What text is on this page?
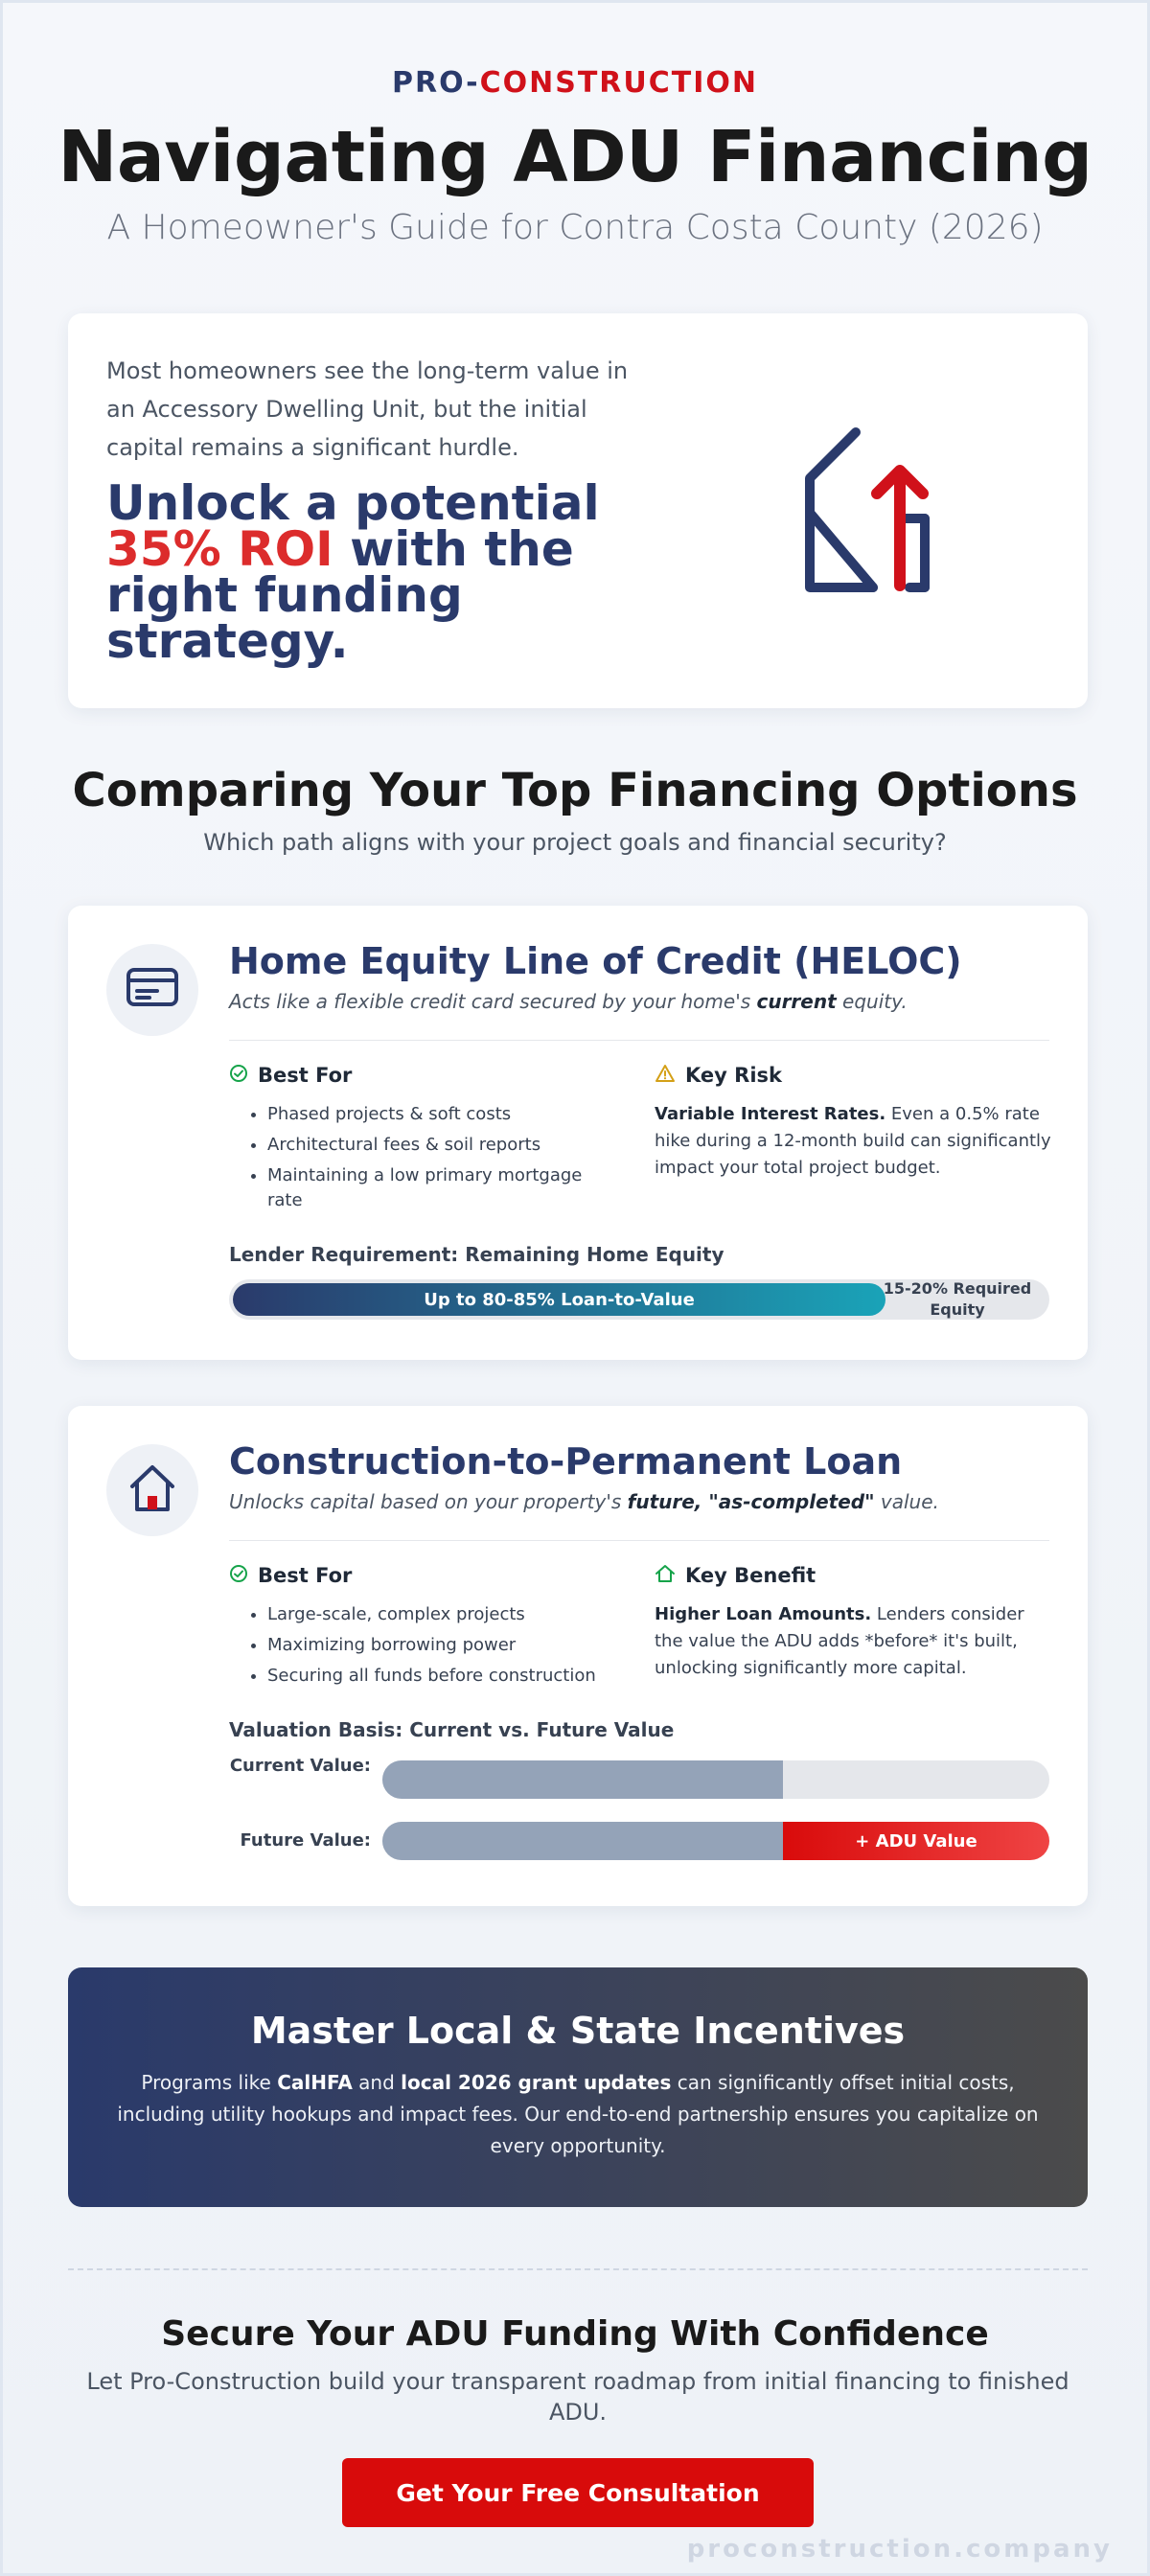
PRO-CONSTRUCTION
Navigating ADU Financing
A Homeowner's Guide for Contra Costa County (2026)
Most homeowners see the long-term value in an Accessory Dwelling Unit, but the initial capital remains a significant hurdle.
Unlock a potential 35% ROI with the right funding strategy.
Comparing Your Top Financing Options
Which path aligns with your project goals and financial security?
Home Equity Line of Credit (HELOC)
Acts like a flexible credit card secured by your home's current equity.
Best For
• Phased projects & soft costs
• Architectural fees & soil reports
• Maintaining a low primary mortgage rate
Key Risk
Variable Interest Rates. Even a 0.5% rate hike during a 12-month build can significantly impact your total project budget.
Lender Requirement: Remaining Home Equity
Up to 80-85% Loan-to-Value
15-20% Required Equity
Construction-to-Permanent Loan
Unlocks capital based on your property's future, "as-completed" value.
Best For
• Large-scale, complex projects
• Maximizing borrowing power
• Securing all funds before construction
Key Benefit
Higher Loan Amounts. Lenders consider the value the ADU adds *before* it's built, unlocking significantly more capital.
Valuation Basis: Current vs. Future Value
Current Value:
Future Value:	+ ADU Value
Master Local & State Incentives
Programs like CalHFA and local 2026 grant updates can significantly offset initial costs, including utility hookups and impact fees. Our end-to-end partnership ensures you capitalize on every opportunity.
Secure Your ADU Funding With Confidence
Let Pro-Construction build your transparent roadmap from initial financing to finished ADU.
Get Your Free Consultation
proconstruction.company
